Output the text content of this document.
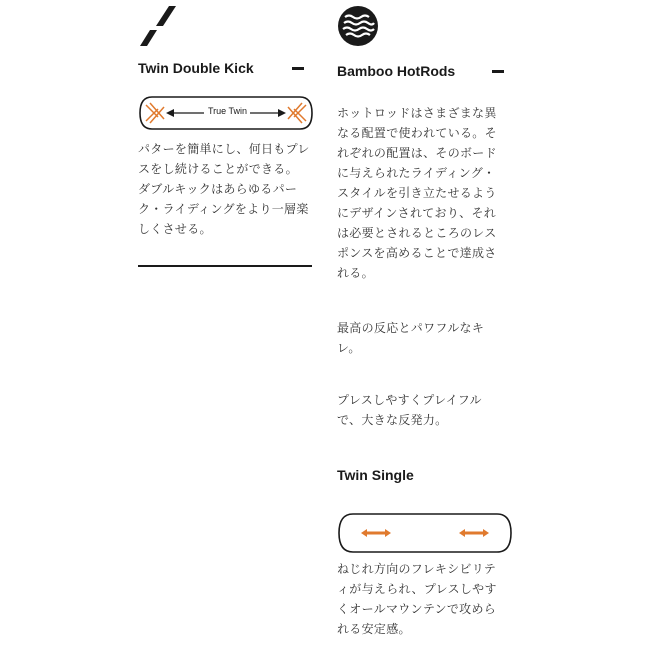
Twin Double Kick
True Twin

パターを簡単にし、何日もプレスをし続けることができる。ダブルキックはあらゆるパーク・ライディングをより一層楽しくさせる。

Bamboo HotRods

ホットロッドはさまざまな異なる配置で使われている。それぞれの配置は、そのボードに与えられたライディング・スタイルを引き立たせるようにデザインされており、それは必要とされるところのレスポンスを高めることで達成される。

最高の反応とパワフルなキレ。

プレスしやすくプレイフルで、大きな反発力。

Twin Single

ねじれ方向のフレキシビリティが与えられ、プレスしやすくオールマウンテンで攻められる安定感。
